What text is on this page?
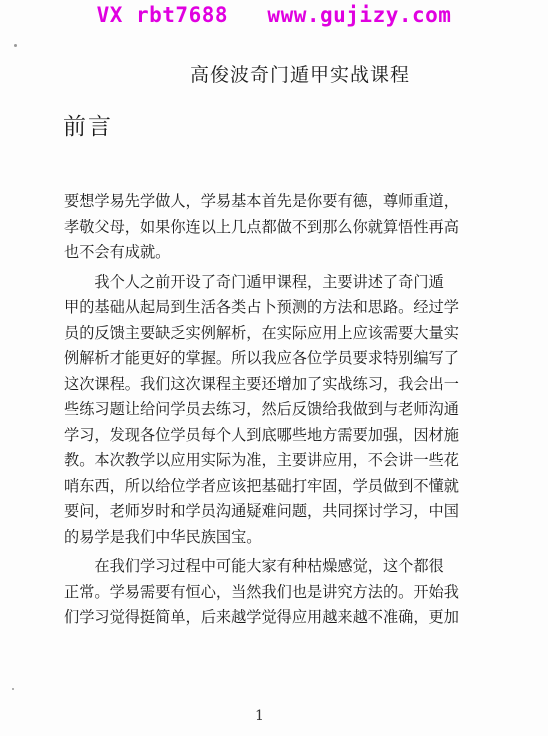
VX rbt7688   www.gujizy.com
高俊波奇门遁甲实战课程
前言

要想学易先学做人，学易基本首先是你要有德，尊师重道，

孝敬父母，如果你连以上几点都做不到那么你就算悟性再高

也不会有成就。

　　我个人之前开设了奇门遁甲课程，主要讲述了奇门遁

甲的基础从起局到生活各类占卜预测的方法和思路。经过学

员的反馈主要缺乏实例解析，在实际应用上应该需要大量实

例解析才能更好的掌握。所以我应各位学员要求特别编写了

这次课程。我们这次课程主要还增加了实战练习，我会出一

些练习题让给问学员去练习，然后反馈给我做到与老师沟通

学习，发现各位学员每个人到底哪些地方需要加强，因材施

教。本次教学以应用实际为准，主要讲应用，不会讲一些花

哨东西，所以给位学者应该把基础打牢固，学员做到不懂就

要问，老师岁时和学员沟通疑难问题，共同探讨学习，中国

的易学是我们中华民族国宝。

　　在我们学习过程中可能大家有种枯燥感觉，这个都很

正常。学易需要有恒心，当然我们也是讲究方法的。开始我

们学习觉得挺简单，后来越学觉得应用越来越不准确，更加

1
